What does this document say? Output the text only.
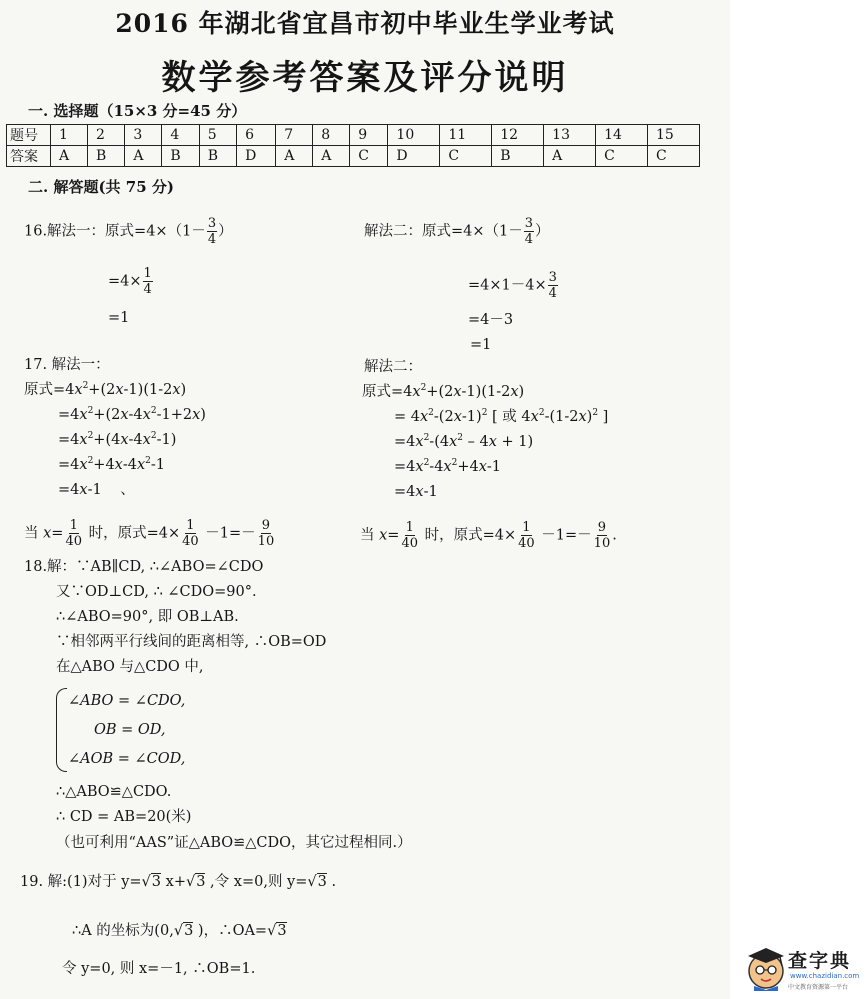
2016 年湖北省宜昌市初中毕业生学业考试
数学参考答案及评分说明
一. 选择题（15×3 分=45 分）
题号	1	2	3	4	5	6	7	8	9	10	11	12	13	14	15
答案	A	B	A	B	B	D	A	A	C	D	C	B	A	C	C
二. 解答题(共 75 分)
16.解法一：原式$=4\times(1- \frac{3}{4}$ ）
$=4\times \frac{1}{4}$
=1
解法二：原式$=4\times(1- \frac{3}{4}$ ）
$=4\times 1-4\times \frac{3}{4}$
=4－3
=1
17. 解法一：	解法二：
原式$=4x^2+(2x-1)(1-2x)$
$=4x^2+(2x-4x^2-1+2x)$
$=4x^2+(4x-4x^2-1)$
$=4x^2+4x-4x^2-1$
=4x-1 、
原式$=4x^2+(2x-1)(1-2x)$
= $4x^2-(2x-1)^2$ [ 或 $4x^2-(1-2x)^2$ ]
$=4x^2-(4x^2 - 4x + 1)$
$=4x^2-4x^2+4x-1$
=4x-1
当 $x= \frac{1}{40}$ 时，原式$=4\times \frac{1}{40} -1=- \frac{9}{10}$	当 $x= \frac{1}{40}$ 时，原式$=4\times \frac{1}{40} -1=- \frac{9}{10}$ .
18.解：∵AB∥CD, ∴∠ABO=∠CDO
又∵OD⊥CD, ∴ ∠CDO=90°.
∴∠ABO=90°, 即 OB⊥AB.
∵相邻两平行线间的距离相等, ∴OB=OD
在△ABO 与△CDO 中,
∠ABO = ∠CDO,
OB = OD,
∠AOB = ∠COD,
∴△ABO≌△CDO.
∴ CD = AB=20(米)
（也可利用“AAS”证△ABO≌△CDO，其它过程相同.）
19. 解:(1)对于 y=√3 x+√3 ,令 x=0,则 y=√3 .
∴A 的坐标为(0,√3 )，∴OA=√3
令 y=0, 则 x=－1, ∴OB=1.	查字典
www.chazidian.com
中文教育资源第一平台
